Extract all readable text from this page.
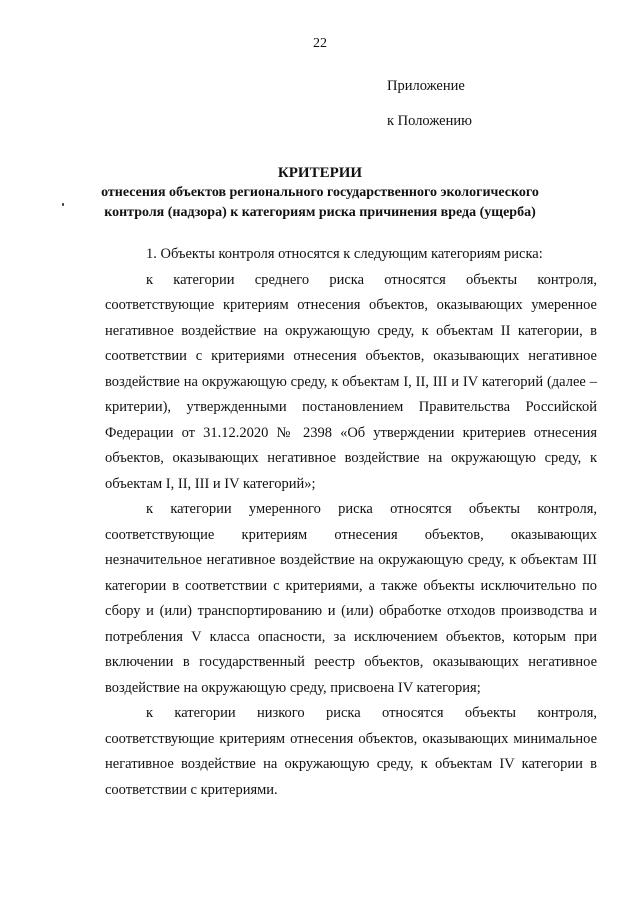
22
Приложение
к Положению
КРИТЕРИИ
отнесения объектов регионального государственного экологического
контроля (надзора) к категориям риска причинения вреда (ущерба)

1. Объекты контроля относятся к следующим категориям риска:

к категории среднего риска относятся объекты контроля, соответствующие критериям отнесения объектов, оказывающих умеренное негативное воздействие на окружающую среду, к объектам II категории, в соответствии с критериями отнесения объектов, оказывающих негативное воздействие на окружающую среду, к объектам I, II, III и IV категорий (далее – критерии), утвержденными постановлением Правительства Российской Федерации от 31.12.2020 № 2398 «Об утверждении критериев отнесения объектов, оказывающих негативное воздействие на окружающую среду, к объектам I, II, III и IV категорий»;

к категории умеренного риска относятся объекты контроля, соответствующие критериям отнесения объектов, оказывающих незначительное негативное воздействие на окружающую среду, к объектам III категории в соответствии с критериями, а также объекты исключительно по сбору и (или) транспортированию и (или) обработке отходов производства и потребления V класса опасности, за исключением объектов, которым при включении в государственный реестр объектов, оказывающих негативное воздействие на окружающую среду, присвоена IV категория;

к категории низкого риска относятся объекты контроля, соответствующие критериям отнесения объектов, оказывающих минимальное негативное воздействие на окружающую среду, к объектам IV категории в соответствии с критериями.
